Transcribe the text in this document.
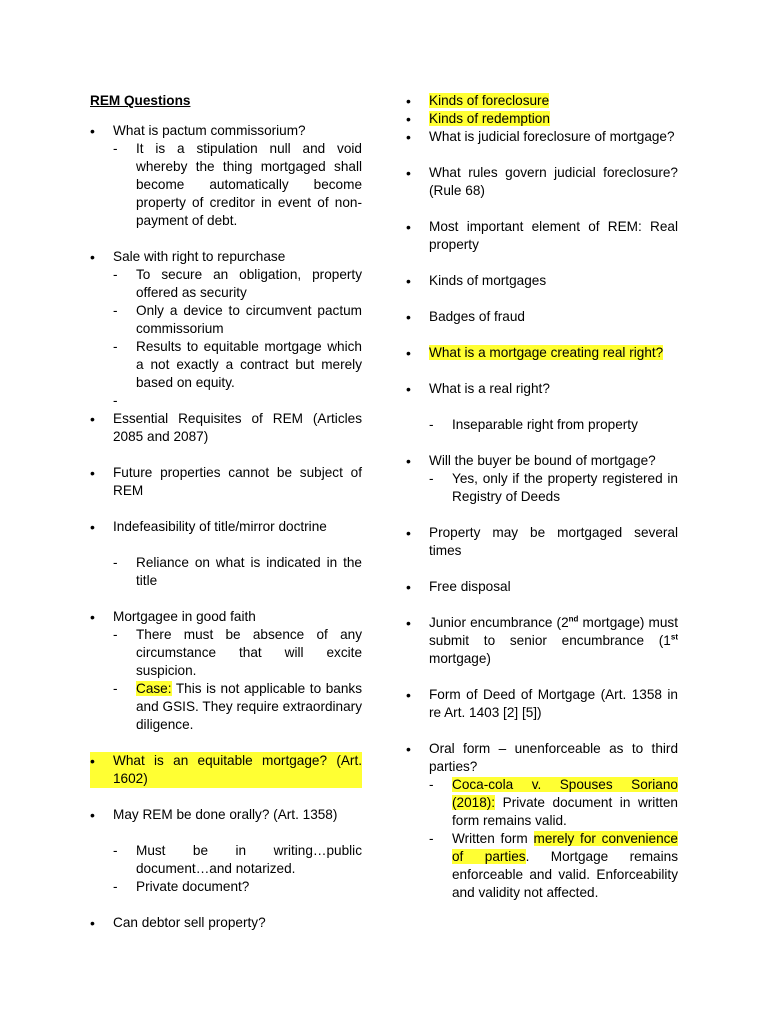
REM Questions
• What is pactum commissorium?
- It is a stipulation null and void whereby the thing mortgaged shall become automatically become property of creditor in event of non-payment of debt.
• Sale with right to repurchase
- To secure an obligation, property offered as security
- Only a device to circumvent pactum commissorium
- Results to equitable mortgage which a not exactly a contract but merely based on equity.
-
• Essential Requisites of REM (Articles 2085 and 2087)
• Future properties cannot be subject of REM
• Indefeasibility of title/mirror doctrine
- Reliance on what is indicated in the title
• Mortgagee in good faith
- There must be absence of any circumstance that will excite suspicion.
- Case: This is not applicable to banks and GSIS. They require extraordinary diligence.
• What is an equitable mortgage? (Art. 1602)
• May REM be done orally? (Art. 1358)
- Must be in writing…public document…and notarized.
- Private document?
• Can debtor sell property?
• Kinds of foreclosure
• Kinds of redemption
• What is judicial foreclosure of mortgage?
• What rules govern judicial foreclosure? (Rule 68)
• Most important element of REM: Real property
• Kinds of mortgages
• Badges of fraud
• What is a mortgage creating real right?
• What is a real right?
- Inseparable right from property
• Will the buyer be bound of mortgage?
- Yes, only if the property registered in Registry of Deeds
• Property may be mortgaged several times
• Free disposal
• Junior encumbrance (2nd mortgage) must submit to senior encumbrance (1st mortgage)
• Form of Deed of Mortgage (Art. 1358 in re Art. 1403 [2] [5])
• Oral form – unenforceable as to third parties?
- Coca-cola v. Spouses Soriano (2018): Private document in written form remains valid.
- Written form merely for convenience of parties. Mortgage remains enforceable and valid. Enforceability and validity not affected.
